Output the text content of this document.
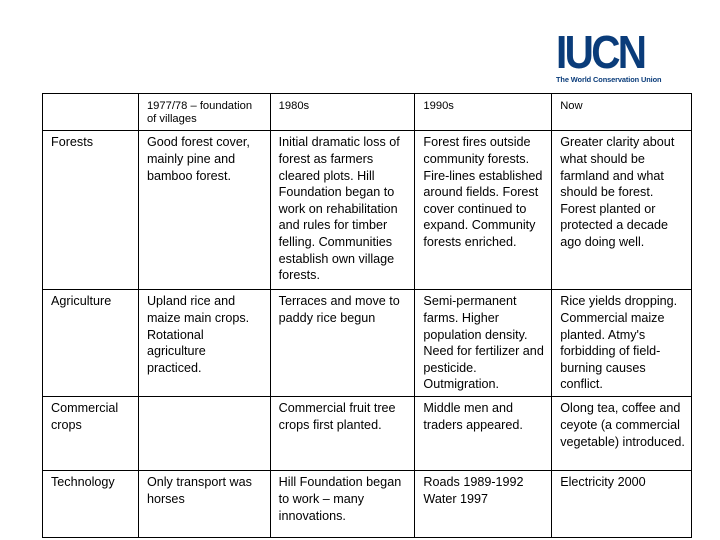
IUCN
The World Conservation Union
	1977/78 – foundation of villages	1980s	1990s	Now
Forests	Good forest cover, mainly pine and bamboo forest.	Initial dramatic loss of forest as farmers cleared plots. Hill Foundation began to work on rehabilitation and rules for timber felling. Communities establish own village forests.	Forest fires outside community forests. Fire-lines established around fields. Forest cover continued to expand. Community forests enriched.	Greater clarity about what should be farmland and what should be forest. Forest planted or protected a decade ago doing well.
Agriculture	Upland rice and maize main crops. Rotational agriculture practiced.	Terraces and move to paddy rice begun	Semi-permanent farms. Higher population density. Need for fertilizer and pesticide. Outmigration.	Rice yields dropping. Commercial maize planted. Atmy's forbidding of field-burning causes conflict.
Commercial crops		Commercial fruit tree crops first planted.	Middle men and traders appeared.	Olong tea, coffee and ceyote (a commercial vegetable) introduced.
Technology	Only transport was horses	Hill Foundation began to work – many innovations.	Roads 1989-1992 Water 1997	Electricity 2000
